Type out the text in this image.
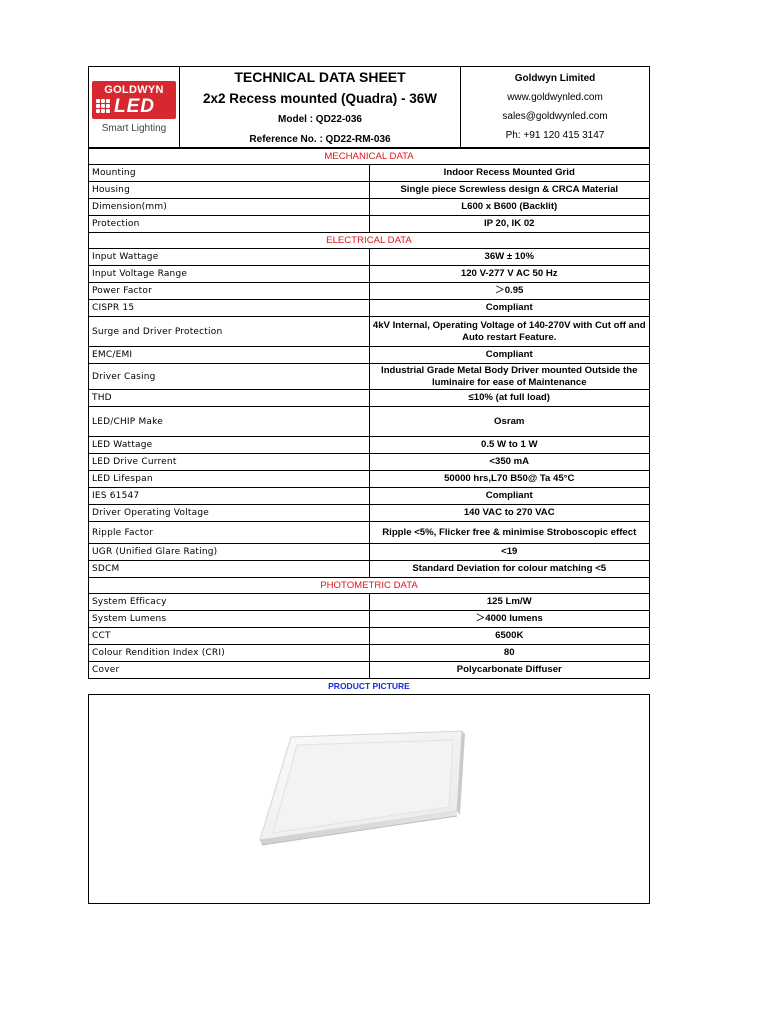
GOLDWYN
LED
Smart Lighting

TECHNICAL DATA SHEET
2x2 Recess mounted (Quadra) - 36W
Model : QD22-036
Reference No. : QD22-RM-036

Goldwyn Limited
www.goldwynled.com
sales@goldwynled.com
Ph: +91 120 415 3147
MECHANICAL DATA	
Mounting	Indoor Recess Mounted Grid
Housing	Single piece Screwless design & CRCA Material
Dimension(mm)	L600 x B600 (Backlit)
Protection	IP 20, IK 02
ELECTRICAL DATA	
Input Wattage	36W ± 10%
Input Voltage Range	120 V-277 V AC 50 Hz
Power Factor	＞0.95
CISPR 15	Compliant
Surge and Driver Protection	4kV Internal, Operating Voltage of 140-270V with Cut off and Auto restart Feature.
EMC/EMI	Compliant
Driver Casing	Industrial Grade Metal Body Driver mounted Outside the luminaire for ease of Maintenance
THD	≤10% (at full load)
LED/CHIP Make	Osram
LED Wattage	0.5 W to 1 W
LED Drive Current	<350 mA
LED Lifespan	50000 hrs,L70 B50@ Ta 45°C
IES 61547	Compliant
Driver Operating Voltage	140 VAC to 270 VAC
Ripple Factor	Ripple <5%, Flicker free & minimise Stroboscopic effect
UGR (Unified Glare Rating)	<19
SDCM	Standard Deviation for colour matching <5
PHOTOMETRIC DATA	
System Efficacy	125 Lm/W
System Lumens	＞4000 lumens
CCT	6500K
Colour Rendition Index (CRI)	80
Cover	Polycarbonate Diffuser
PRODUCT PICTURE
